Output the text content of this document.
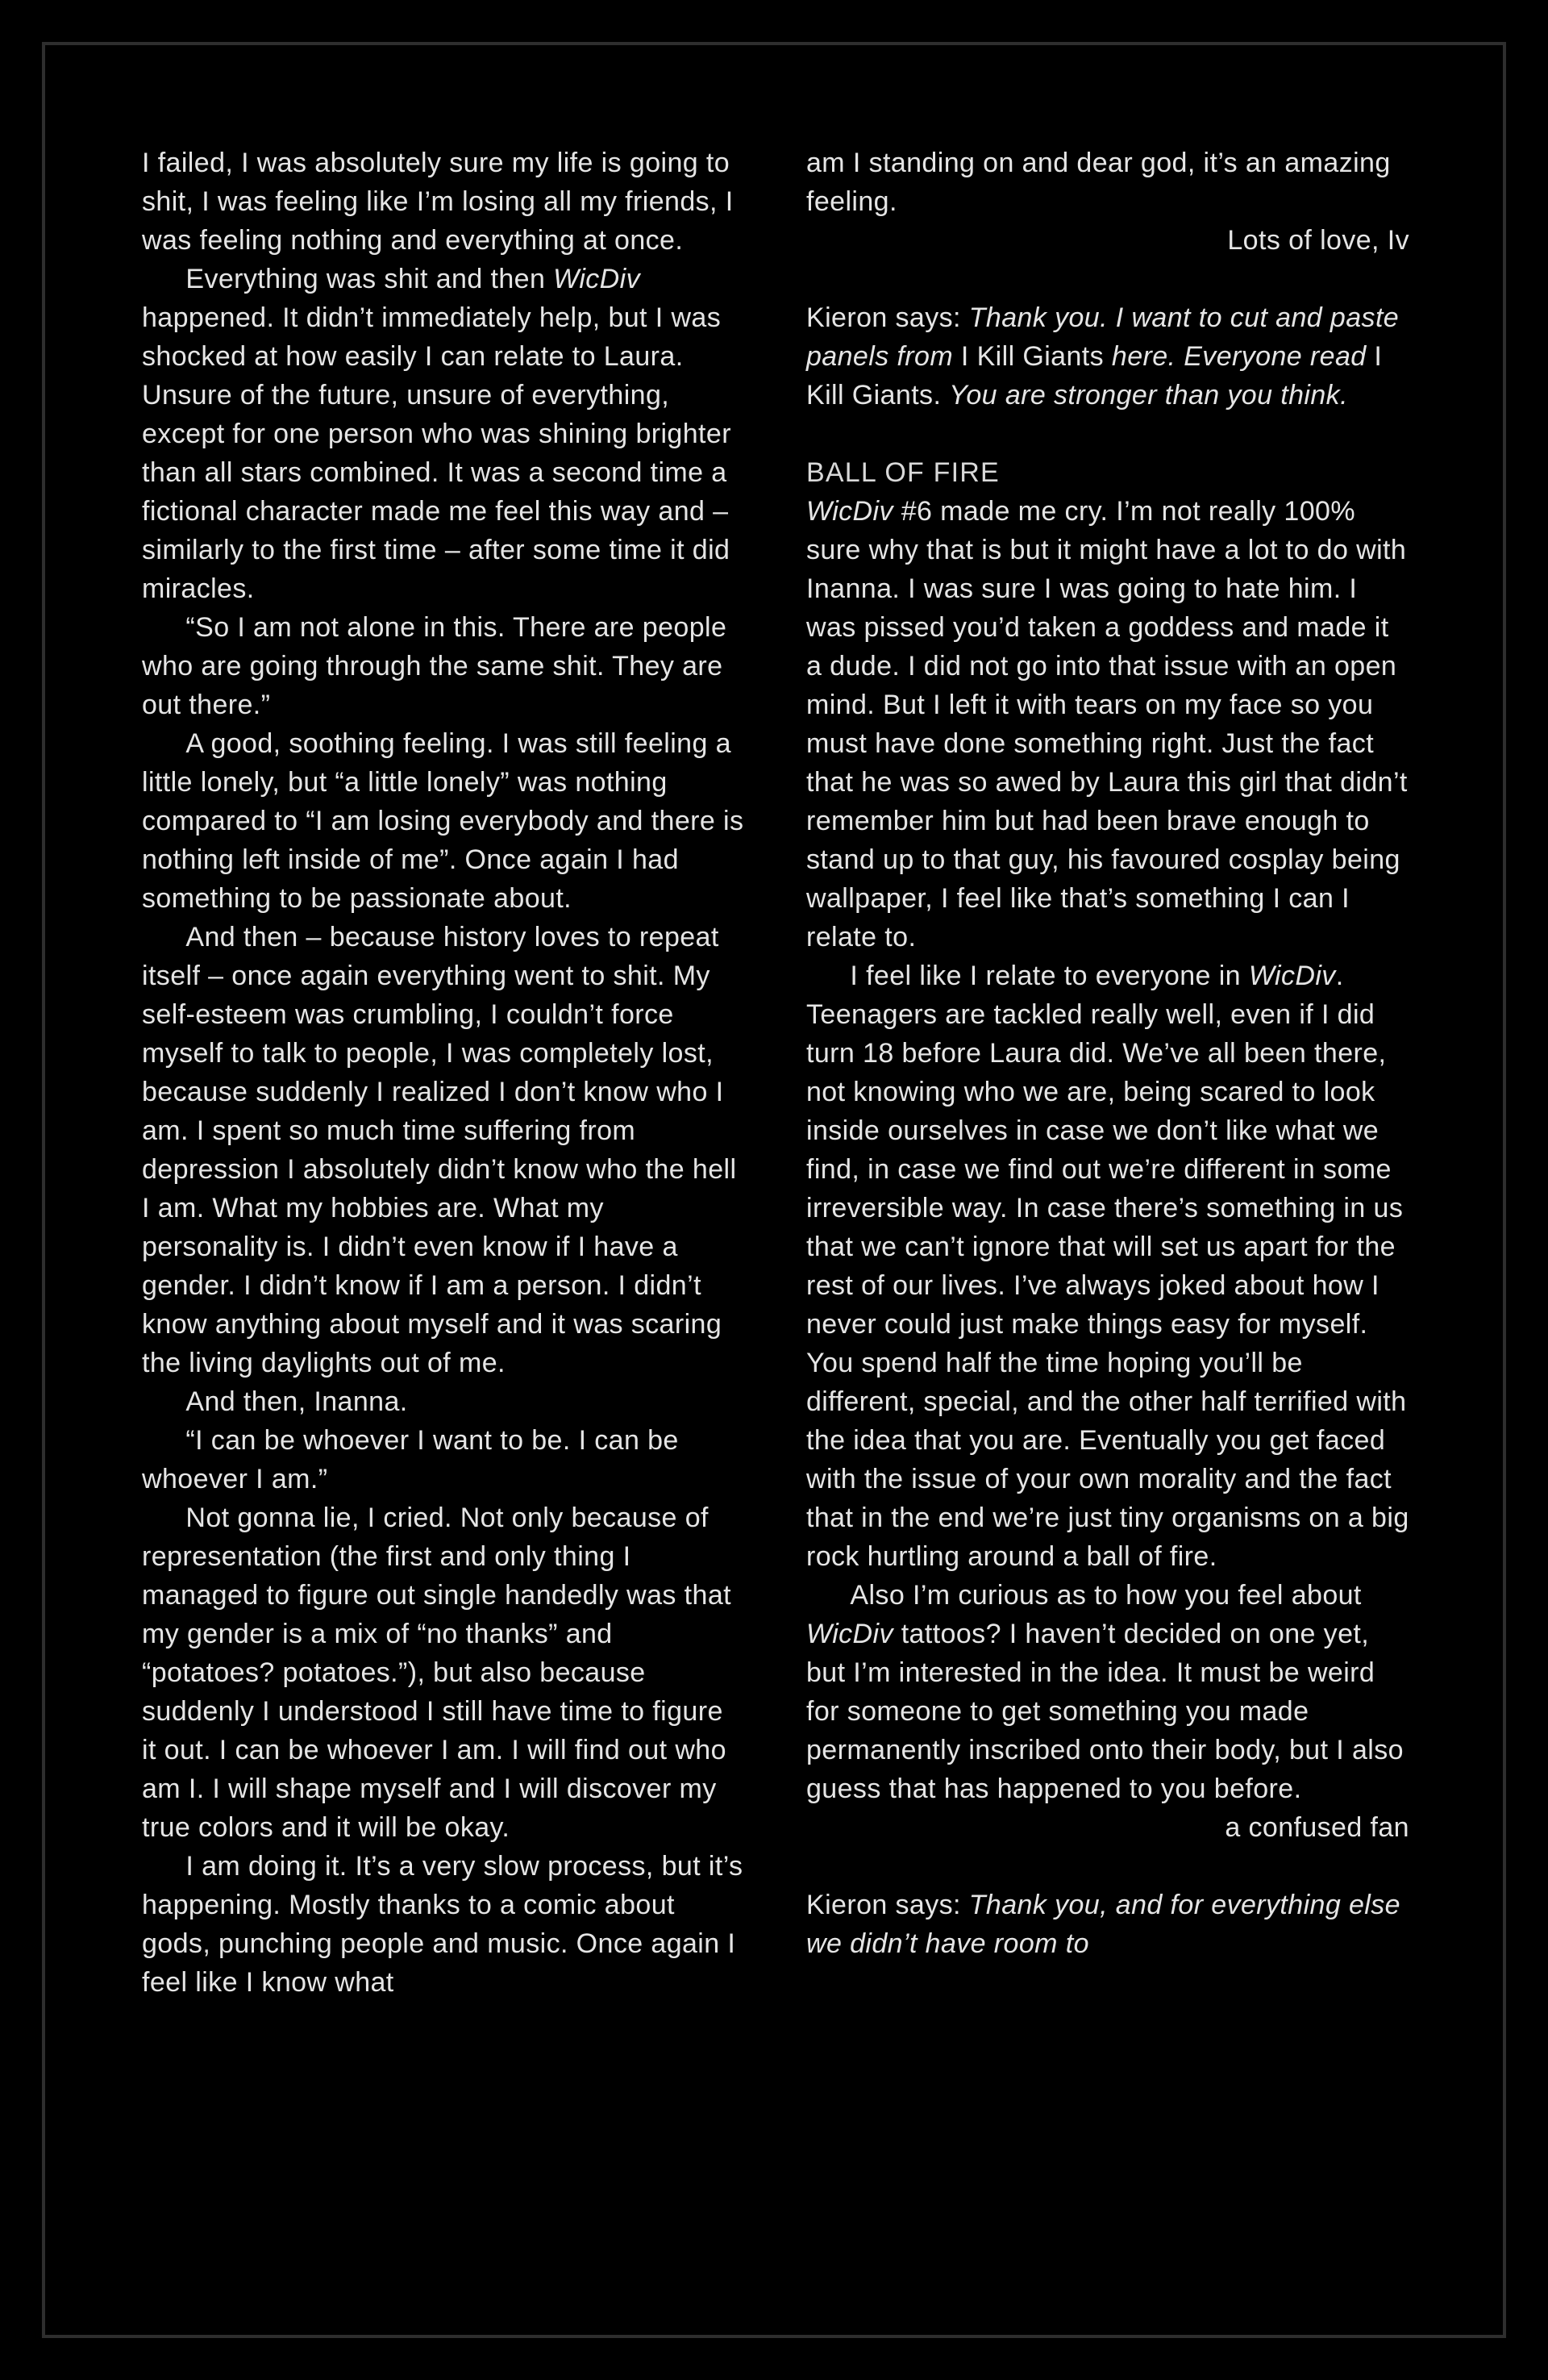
I failed, I was absolutely sure my life is going to shit, I was feeling like I’m losing all my friends, I was feeling nothing and everything at once.

Everything was shit and then WicDiv happened. It didn’t immediately help, but I was shocked at how easily I can relate to Laura. Unsure of the future, unsure of everything, except for one person who was shining brighter than all stars combined. It was a second time a fictional character made me feel this way and – similarly to the first time – after some time it did miracles.

“So I am not alone in this. There are people who are going through the same shit. They are out there.”

A good, soothing feeling. I was still feeling a little lonely, but “a little lonely” was nothing compared to “I am losing everybody and there is nothing left inside of me”. Once again I had something to be passionate about.

And then – because history loves to repeat itself – once again everything went to shit. My self-esteem was crumbling, I couldn’t force myself to talk to people, I was completely lost, because suddenly I realized I don’t know who I am. I spent so much time suffering from depression I absolutely didn’t know who the hell I am. What my hobbies are. What my personality is. I didn’t even know if I have a gender. I didn’t know if I am a person. I didn’t know anything about myself and it was scaring the living daylights out of me.

And then, Inanna.

“I can be whoever I want to be. I can be whoever I am.”

Not gonna lie, I cried. Not only because of representation (the first and only thing I managed to figure out single handedly was that my gender is a mix of “no thanks” and “potatoes? potatoes.”), but also because suddenly I understood I still have time to figure it out. I can be whoever I am. I will find out who am I. I will shape myself and I will discover my true colors and it will be okay.

I am doing it. It’s a very slow process, but it’s happening. Mostly thanks to a comic about gods, punching people and music. Once again I feel like I know what

am I standing on and dear god, it’s an amazing feeling.

Lots of love, Iv

Kieron says: Thank you. I want to cut and paste panels from I Kill Giants here. Everyone read I Kill Giants. You are stronger than you think.

BALL OF FIRE

WicDiv #6 made me cry. I’m not really 100% sure why that is but it might have a lot to do with Inanna. I was sure I was going to hate him. I was pissed you’d taken a goddess and made it a dude. I did not go into that issue with an open mind. But I left it with tears on my face so you must have done something right. Just the fact that he was so awed by Laura this girl that didn’t remember him but had been brave enough to stand up to that guy, his favoured cosplay being wallpaper, I feel like that’s something I can I relate to.

I feel like I relate to everyone in WicDiv. Teenagers are tackled really well, even if I did turn 18 before Laura did. We’ve all been there, not knowing who we are, being scared to look inside ourselves in case we don’t like what we find, in case we find out we’re different in some irreversible way. In case there’s something in us that we can’t ignore that will set us apart for the rest of our lives. I’ve always joked about how I never could just make things easy for myself. You spend half the time hoping you’ll be different, special, and the other half terrified with the idea that you are. Eventually you get faced with the issue of your own morality and the fact that in the end we’re just tiny organisms on a big rock hurtling around a ball of fire.

Also I’m curious as to how you feel about WicDiv tattoos? I haven’t decided on one yet, but I’m interested in the idea. It must be weird for someone to get something you made permanently inscribed onto their body, but I also guess that has happened to you before.

a confused fan

Kieron says: Thank you, and for everything else we didn’t have room to
